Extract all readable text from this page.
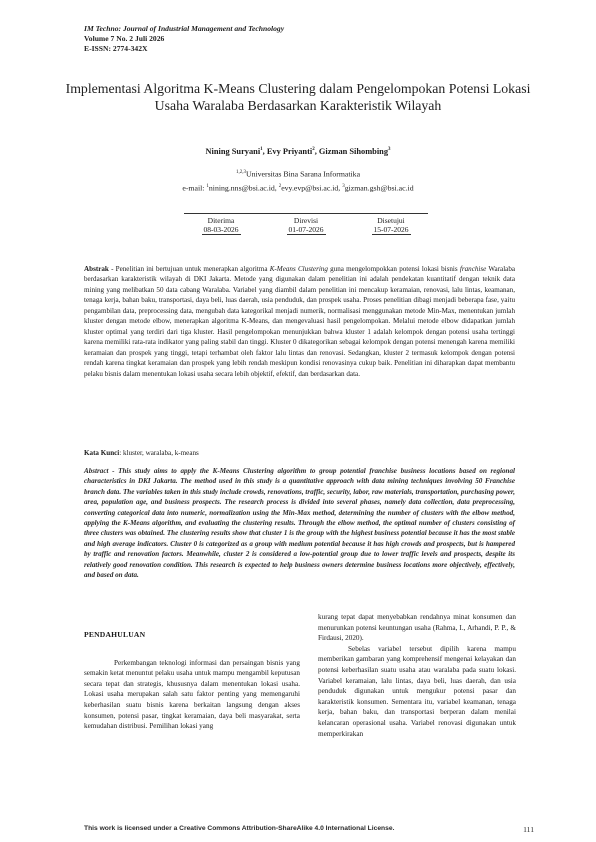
IM Techno: Journal of Industrial Management and Technology
Volume 7 No. 2 Juli 2026
E-ISSN: 2774-342X
Implementasi Algoritma K-Means Clustering dalam Pengelompokan Potensi Lokasi Usaha Waralaba Berdasarkan Karakteristik Wilayah
Nining Suryani$^1$, Evy Priyanti$^2$, Gizman Sihombing$^3$
$^{1,2,3}$Universitas Bina Sarana Informatika
e-mail: $^1$nining.nns@bsi.ac.id, $^2$evy.evp@bsi.ac.id, $^3$gizman.gsh@bsi.ac.id
Diterima
08-03-2026
Direvisi
01-07-2026
Disetujui
15-07-2026
Abstrak - Penelitian ini bertujuan untuk menerapkan algoritma K-Means Clustering guna mengelompokkan potensi lokasi bisnis franchise Waralaba berdasarkan karakteristik wilayah di DKI Jakarta. Metode yang digunakan dalam penelitian ini adalah pendekatan kuantitatif dengan teknik data mining yang melibatkan 50 data cabang Waralaba. Variabel yang diambil dalam penelitian ini mencakup keramaian, renovasi, lalu lintas, keamanan, tenaga kerja, bahan baku, transportasi, daya beli, luas daerah, usia penduduk, dan prospek usaha. Proses penelitian dibagi menjadi beberapa fase, yaitu pengambilan data, preprocessing data, mengubah data kategorikal menjadi numerik, normalisasi menggunakan metode Min-Max, menentukan jumlah kluster dengan metode elbow, menerapkan algoritma K-Means, dan mengevaluasi hasil pengelompokan. Melalui metode elbow didapatkan jumlah kluster optimal yang terdiri dari tiga kluster. Hasil pengelompokan menunjukkan bahwa kluster 1 adalah kelompok dengan potensi usaha tertinggi karena memiliki rata-rata indikator yang paling stabil dan tinggi. Kluster 0 dikategorikan sebagai kelompok dengan potensi menengah karena memiliki keramaian dan prospek yang tinggi, tetapi terhambat oleh faktor lalu lintas dan renovasi. Sedangkan, kluster 2 termasuk kelompok dengan potensi rendah karena tingkat keramaian dan prospek yang lebih rendah meskipun kondisi renovasinya cukup baik. Penelitian ini diharapkan dapat membantu pelaku bisnis dalam menentukan lokasi usaha secara lebih objektif, efektif, dan berdasarkan data.
Kata Kunci: kluster, waralaba, k-means
Abstract - This study aims to apply the K-Means Clustering algorithm to group potential franchise business locations based on regional characteristics in DKI Jakarta. The method used in this study is a quantitative approach with data mining techniques involving 50 Franchise branch data. The variables taken in this study include crowds, renovations, traffic, security, labor, raw materials, transportation, purchasing power, area, population age, and business prospects. The research process is divided into several phases, namely data collection, data preprocessing, converting categorical data into numeric, normalization using the Min-Max method, determining the number of clusters with the elbow method, applying the K-Means algorithm, and evaluating the clustering results. Through the elbow method, the optimal number of clusters consisting of three clusters was obtained. The clustering results show that cluster 1 is the group with the highest business potential because it has the most stable and high average indicators. Cluster 0 is categorized as a group with medium potential because it has high crowds and prospects, but is hampered by traffic and renovation factors. Meanwhile, cluster 2 is considered a low-potential group due to lower traffic levels and prospects, despite its relatively good renovation condition. This research is expected to help business owners determine business locations more objectively, effectively, and based on data.
PENDAHULUAN

Perkembangan teknologi informasi dan persaingan bisnis yang semakin ketat menuntut pelaku usaha untuk mampu mengambil keputusan secara tepat dan strategis, khususnya dalam menentukan lokasi usaha. Lokasi usaha merupakan salah satu faktor penting yang memengaruhi keberhasilan suatu bisnis karena berkaitan langsung dengan akses konsumen, potensi pasar, tingkat keramaian, daya beli masyarakat, serta kemudahan distribusi. Pemilihan lokasi yang

kurang tepat dapat menyebabkan rendahnya minat konsumen dan menurunkan potensi keuntungan usaha (Rahma, I., Arhandi, P. P., & Firdausi, 2020).

Sebelas variabel tersebut dipilih karena mampu memberikan gambaran yang komprehensif mengenai kelayakan dan potensi keberhasilan suatu usaha atau waralaba pada suatu lokasi. Variabel keramaian, lalu lintas, daya beli, luas daerah, dan usia penduduk digunakan untuk mengukur potensi pasar dan karakteristik konsumen. Sementara itu, variabel keamanan, tenaga kerja, bahan baku, dan transportasi berperan dalam menilai kelancaran operasional usaha. Variabel renovasi digunakan untuk memperkirakan

This work is licensed under a Creative Commons Attribution-ShareAlike 4.0 International License.	111
